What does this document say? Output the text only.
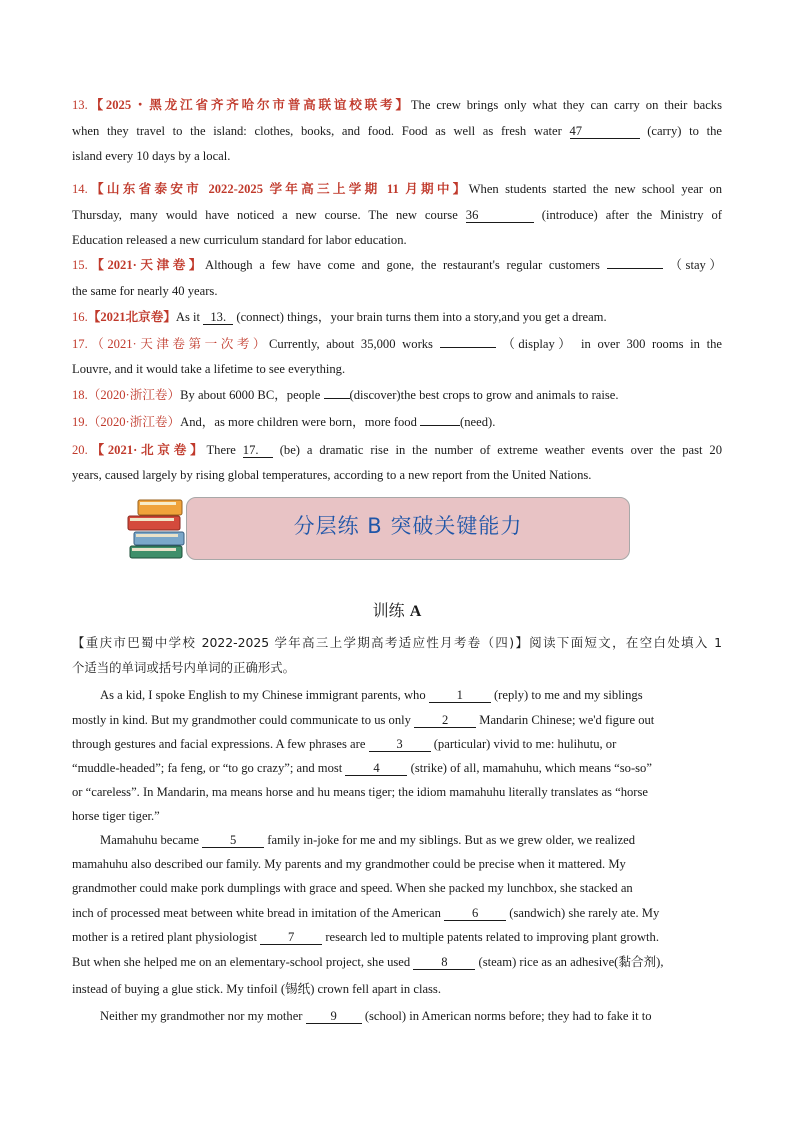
13.【2025・黑龙江省齐齐哈尔市普高联谊校联考】The crew brings only what they can carry on their backs
when they travel to the island: clothes, books, and food. Food as well as fresh water 47	(carry) to the
island every 10 days by a local.
14.【山东省泰安市 2022-2025 学年高三上学期 11 月期中】When students started the new school year on
Thursday, many would have noticed a new course. The new course 36	(introduce) after the Ministry of
Education released a new curriculum standard for labor education.
15.【2021·天津卷】Although a few have come and gone, the restaurant's regular customers	（stay）
the same for nearly 40 years.
16.【2021北京卷】As it 13. (connect) things，your brain turns them into a story,and you get a dream.
17.（2021·天津卷第一次考）Currently, about 35,000 works	（display） in over 300 rooms in the
Louvre, and it would take a lifetime to see everything.
18.（2020·浙江卷）By about 6000 BC，people (discover)the best crops to grow and animals to raise.
19.（2020·浙江卷）And，as more children were born，more food	(need).
20.【2021·北京卷】There 17. (be) a dramatic rise in the number of extreme weather events over the past 20
years, caused largely by rising global temperatures, according to a new report from the United Nations.
分层练 B 突破关键能力
训练 A
【重庆市巴蜀中学校 2022-2025 学年高三上学期高考适应性月考卷（四)】阅读下面短文，在空白处填入 1
个适当的单词或括号内单词的正确形式。
As a kid, I spoke English to my Chinese immigrant parents, who 1 (reply) to me and my siblings
mostly in kind. But my grandmother could communicate to us only 2 Mandarin Chinese; we'd figure out
through gestures and facial expressions. A few phrases are 3 (particular) vivid to me: hulihutu, or
“muddle-headed”; fa feng, or “to go crazy”; and most 4 (strike) of all, mamahuhu, which means “so-so”
or “careless”. In Mandarin, ma means horse and hu means tiger; the idiom mamahuhu literally translates as “horse
horse tiger tiger.”
Mamahuhu became 5 family in-joke for me and my siblings. But as we grew older, we realized
mamahuhu also described our family. My parents and my grandmother could be precise when it mattered. My
grandmother could make pork dumplings with grace and speed. When she packed my lunchbox, she stacked an
inch of processed meat between white bread in imitation of the American 6 (sandwich) she rarely ate. My
mother is a retired plant physiologist 7 research led to multiple patents related to improving plant growth.
But when she helped me on an elementary-school project, she used 8 (steam) rice as an adhesive(黏合剂),
instead of buying a glue stick. My tinfoil (锡纸) crown fell apart in class.
Neither my grandmother nor my mother 9 (school) in American norms before; they had to fake it to
